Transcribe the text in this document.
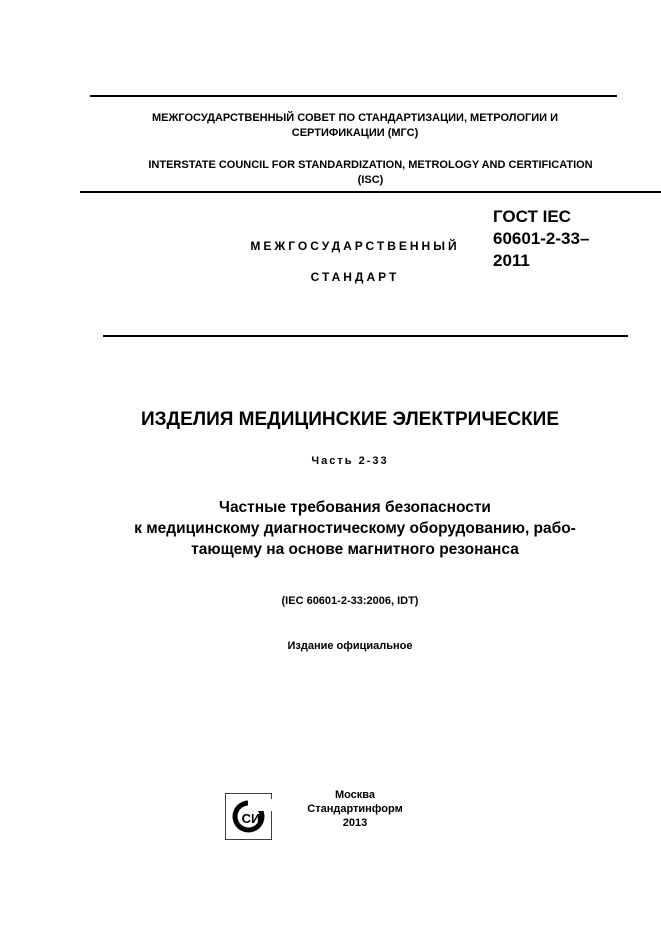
МЕЖГОСУДАРСТВЕННЫЙ СОВЕТ ПО СТАНДАРТИЗАЦИИ, МЕТРОЛОГИИ И
СЕРТИФИКАЦИИ (МГС)
INTERSTATE COUNCIL FOR STANDARDIZATION, METROLOGY AND CERTIFICATION
(ISC)
МЕЖГОСУДАРСТВЕННЫЙ
СТАНДАРТ
ГОСТ IEC
60601-2-33–
2011
ИЗДЕЛИЯ МЕДИЦИНСКИЕ ЭЛЕКТРИЧЕСКИЕ
Часть 2-33
Частные требования безопасности
к медицинскому диагностическому оборудованию, рабо-
тающему на основе магнитного резонанса
(IEC 60601-2-33:2006, IDT)
Издание официальное
СИ
Москва
Стандартинформ
2013
